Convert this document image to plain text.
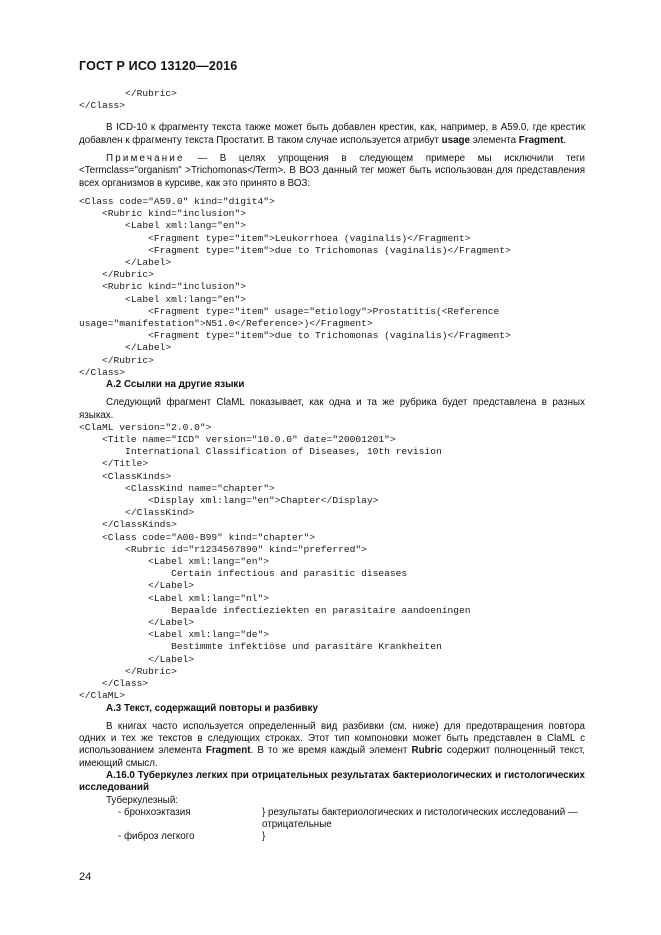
ГОСТ Р ИСО 13120—2016
</Rubric>
</Class>

В ICD-10 к фрагменту текста также может быть добавлен крестик, как, например, в А59.0, где крестик добавлен к фрагменту текста Простатит. В таком случае используется атрибут usage элемента Fragment.

Примечание — В целях упрощения в следующем примере мы исключили теги <Termclass="organism" >Trichomonas</Term>. В ВОЗ данный тег может быть использован для представления всех организмов в курсиве, как это принято в ВОЗ:

<Class code="A59.0" kind="digit4">
<Rubric kind="inclusion">
<Label xml:lang="en">
<Fragment type="item">Leukorrhoea (vaginalis)</Fragment>
<Fragment type="item">due to Trichomonas (vaginalis)</Fragment>
</Label>
</Rubric>
<Rubric kind="inclusion">
<Label xml:lang="en">
<Fragment type="item" usage="etiology">Prostatitis(<Reference
usage="manifestation">N51.0</Reference>)</Fragment>
<Fragment type="item">due to Trichomonas (vaginalis)</Fragment>
</Label>
</Rubric>
</Class>
А.2 Ссылки на другие языки

Следующий фрагмент ClaML показывает, как одна и та же рубрика будет представлена в разных языках.

<ClaML version="2.0.0">
<Title name="ICD" version="10.0.0" date="20001201">
International Classification of Diseases, 10th revision
</Title>
<ClassKinds>
<ClassKind name="chapter">
<Display xml:lang="en">Chapter</Display>
</ClassKind>
</ClassKinds>
<Class code="A00-B99" kind="chapter">
<Rubric id="r1234567890" kind="preferred">
<Label xml:lang="en">
Certain infectious and parasitic diseases
</Label>
<Label xml:lang="nl">
Bepaalde infectieziekten en parasitaire aandoeningen
</Label>
<Label xml:lang="de">
Bestimmte infektiöse und parasitäre Krankheiten
</Label>
</Rubric>
</Class>
</ClaML>
А.3 Текст, содержащий повторы и разбивку

В книгах часто используется определенный вид разбивки (см. ниже) для предотвращения повтора одних и тех же текстов в следующих строках. Этот тип компоновки может быть представлен в ClaML с использованием элемента Fragment. В то же время каждый элемент Rubric содержит полноценный текст, имеющий смысл.

А.16.0 Туберкулез легких при отрицательных результатах бактериологических и гистологических исследований

Туберкулезный:
- бронхоэктазия	} результаты бактериологических и гистологических исследований — отрицательные
- фиброз легкого	}
24
